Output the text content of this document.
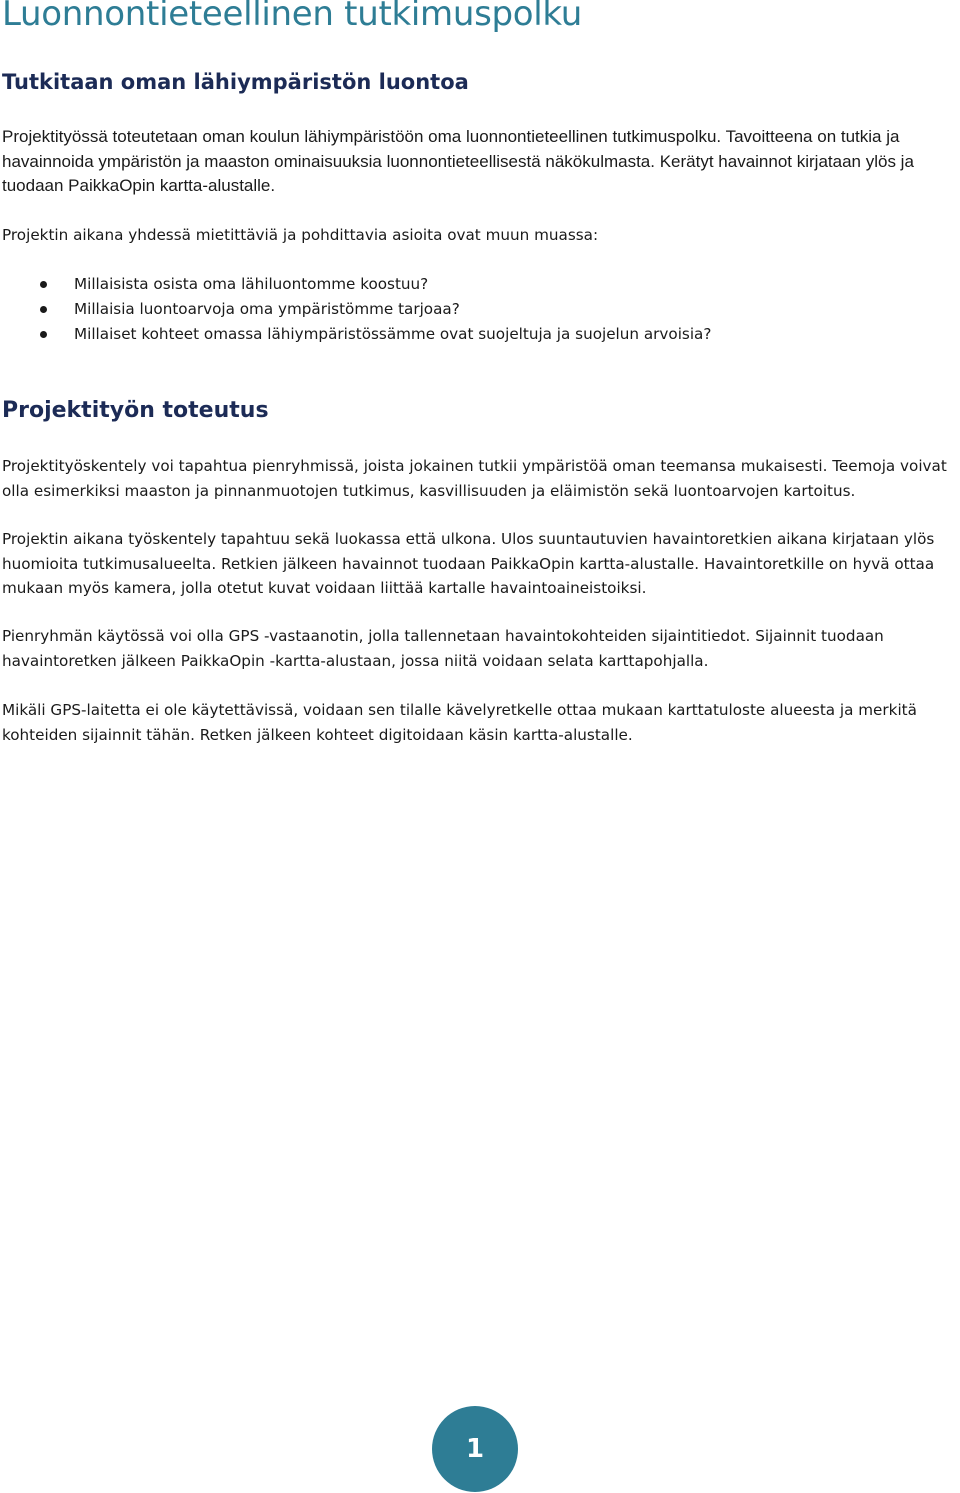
Luonnontieteellinen tutkimuspolku
Tutkitaan oman lähiympäristön luontoa

Projektityössä toteutetaan oman koulun lähiympäristöön oma luonnontieteellinen tutkimuspolku. Tavoitteena on tutkia ja havainnoida ympäristön ja maaston ominaisuuksia luonnontieteellisestä näkökulmasta. Kerätyt havainnot kirjataan ylös ja tuodaan PaikkaOpin kartta-alustalle.

Projektin aikana yhdessä mietittäviä ja pohdittavia asioita ovat muun muassa:

Millaisista osista oma lähiluontomme koostuu?
Millaisia luontoarvoja oma ympäristömme tarjoaa?
Millaiset kohteet omassa lähiympäristössämme ovat suojeltuja ja suojelun arvoisia?
Projektityön toteutus

Projektityöskentely voi tapahtua pienryhmissä, joista jokainen tutkii ympäristöä oman teemansa mukaisesti. Teemoja voivat olla esimerkiksi maaston ja pinnanmuotojen tutkimus, kasvillisuuden ja eläimistön sekä luontoarvojen kartoitus.

Projektin aikana työskentely tapahtuu sekä luokassa että ulkona. Ulos suuntautuvien havaintoretkien aikana kirjataan ylös huomioita tutkimusalueelta. Retkien jälkeen havainnot tuodaan PaikkaOpin kartta-alustalle. Havaintoretkille on hyvä ottaa mukaan myös kamera, jolla otetut kuvat voidaan liittää kartalle havaintoaineistoiksi.

Pienryhmän käytössä voi olla GPS -vastaanotin, jolla tallennetaan havaintokohteiden sijaintitiedot. Sijainnit tuodaan havaintoretken jälkeen PaikkaOpin -kartta-alustaan, jossa niitä voidaan selata karttapohjalla.

Mikäli GPS-laitetta ei ole käytettävissä, voidaan sen tilalle kävelyretkelle ottaa mukaan karttatuloste alueesta ja merkitä kohteiden sijainnit tähän. Retken jälkeen kohteet digitoidaan käsin kartta-alustalle.

1
